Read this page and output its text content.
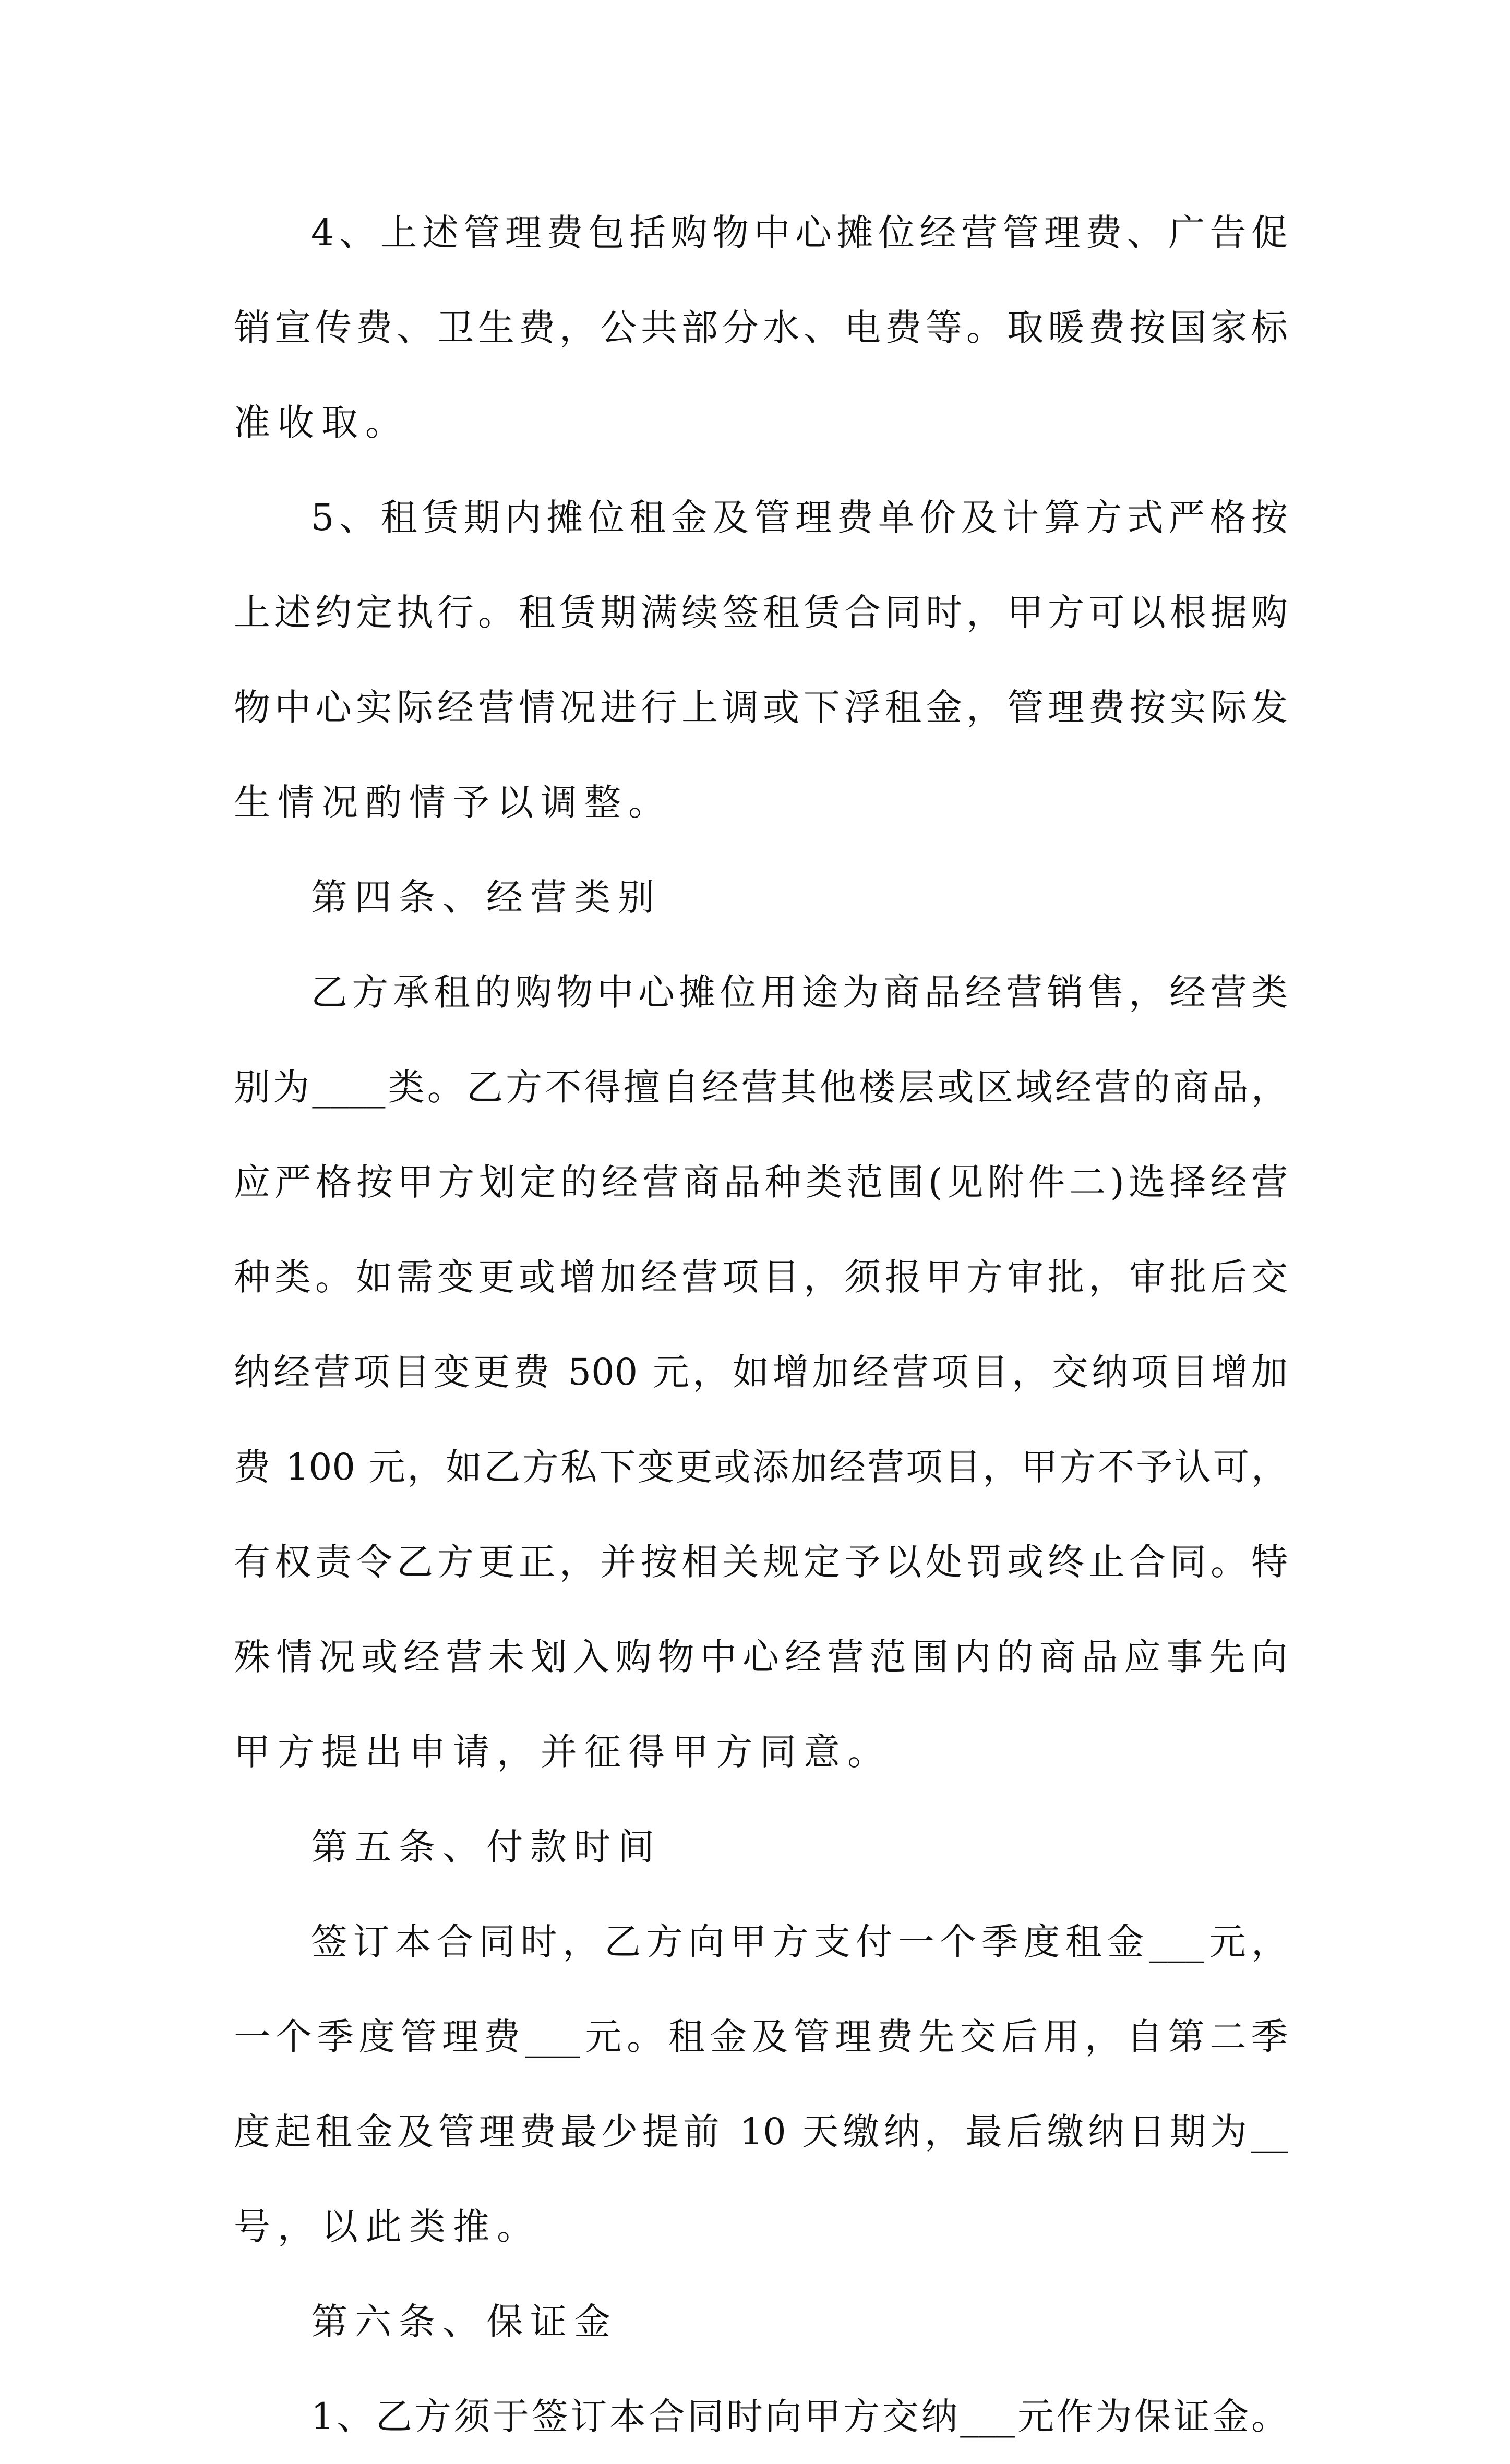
4、上述管理费包括购物中心摊位经营管理费、广告促
销宣传费、卫生费，公共部分水、电费等。取暖费按国家标
准收取。
5、租赁期内摊位租金及管理费单价及计算方式严格按
上述约定执行。租赁期满续签租赁合同时，甲方可以根据购
物中心实际经营情况进行上调或下浮租金，管理费按实际发
生情况酌情予以调整。
第四条、经营类别
乙方承租的购物中心摊位用途为商品经营销售，经营类
别为____类。乙方不得擅自经营其他楼层或区域经营的商品，
应严格按甲方划定的经营商品种类范围(见附件二)选择经营
种类。如需变更或增加经营项目，须报甲方审批，审批后交
纳经营项目变更费 500 元，如增加经营项目，交纳项目增加
费 100 元，如乙方私下变更或添加经营项目，甲方不予认可，
有权责令乙方更正，并按相关规定予以处罚或终止合同。特
殊情况或经营未划入购物中心经营范围内的商品应事先向
甲方提出申请，并征得甲方同意。
第五条、付款时间
签订本合同时，乙方向甲方支付一个季度租金___元，
一个季度管理费___元。租金及管理费先交后用，自第二季
度起租金及管理费最少提前 10 天缴纳，最后缴纳日期为__
号，以此类推。
第六条、保证金
1、乙方须于签订本合同时向甲方交纳___元作为保证金。
